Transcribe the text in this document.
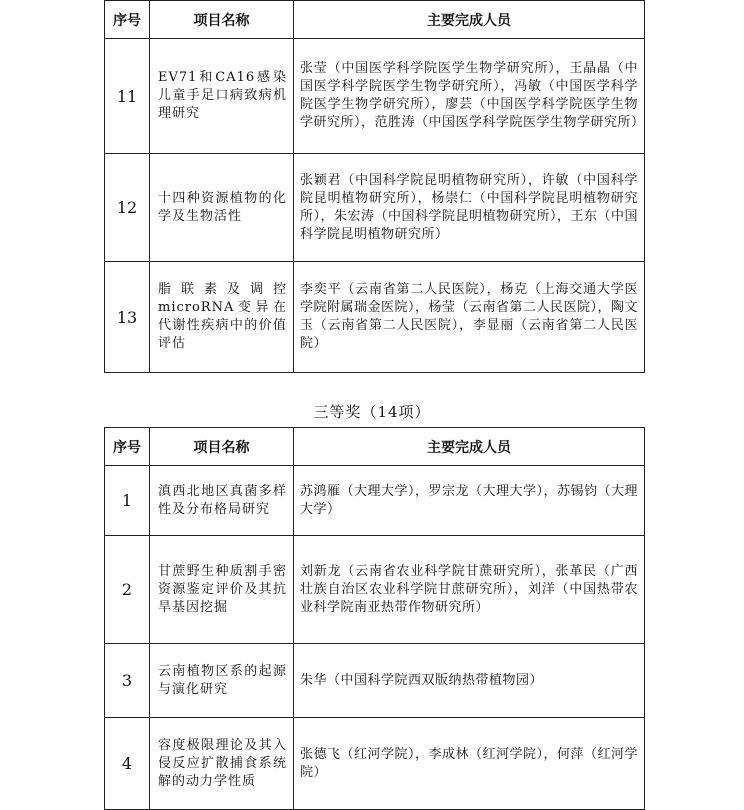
序号	项目名称	主要完成人员
11	EV71和CA16感染儿童手足口病致病机理研究	张莹（中国医学科学院医学生物学研究所），王晶晶（中国医学科学院医学生物学研究所），冯敏（中国医学科学院医学生物学研究所），廖芸（中国医学科学院医学生物学研究所），范胜涛（中国医学科学院医学生物学研究所）
12	十四种资源植物的化学及生物活性	张颖君（中国科学院昆明植物研究所），许敏（中国科学院昆明植物研究所），杨崇仁（中国科学院昆明植物研究所），朱宏涛（中国科学院昆明植物研究所），王东（中国科学院昆明植物研究所）
13	脂联素及调控microRNA变异在代谢性疾病中的价值评估	李奕平（云南省第二人民医院），杨克（上海交通大学医学院附属瑞金医院），杨莹（云南省第二人民医院），陶文玉（云南省第二人民医院），李显丽（云南省第二人民医院）
三等奖（14项）
序号	项目名称	主要完成人员
1	滇西北地区真菌多样性及分布格局研究	苏鸿雁（大理大学），罗宗龙（大理大学），苏锡钧（大理大学）
2	甘蔗野生种质割手密资源鉴定评价及其抗旱基因挖掘	刘新龙（云南省农业科学院甘蔗研究所），张革民（广西壮族自治区农业科学院甘蔗研究所），刘洋（中国热带农业科学院南亚热带作物研究所）
3	云南植物区系的起源与演化研究	朱华（中国科学院西双版纳热带植物园）
4	容度极限理论及其入侵反应扩散捕食系统解的动力学性质	张德飞（红河学院），李成林（红河学院），何萍（红河学院）
